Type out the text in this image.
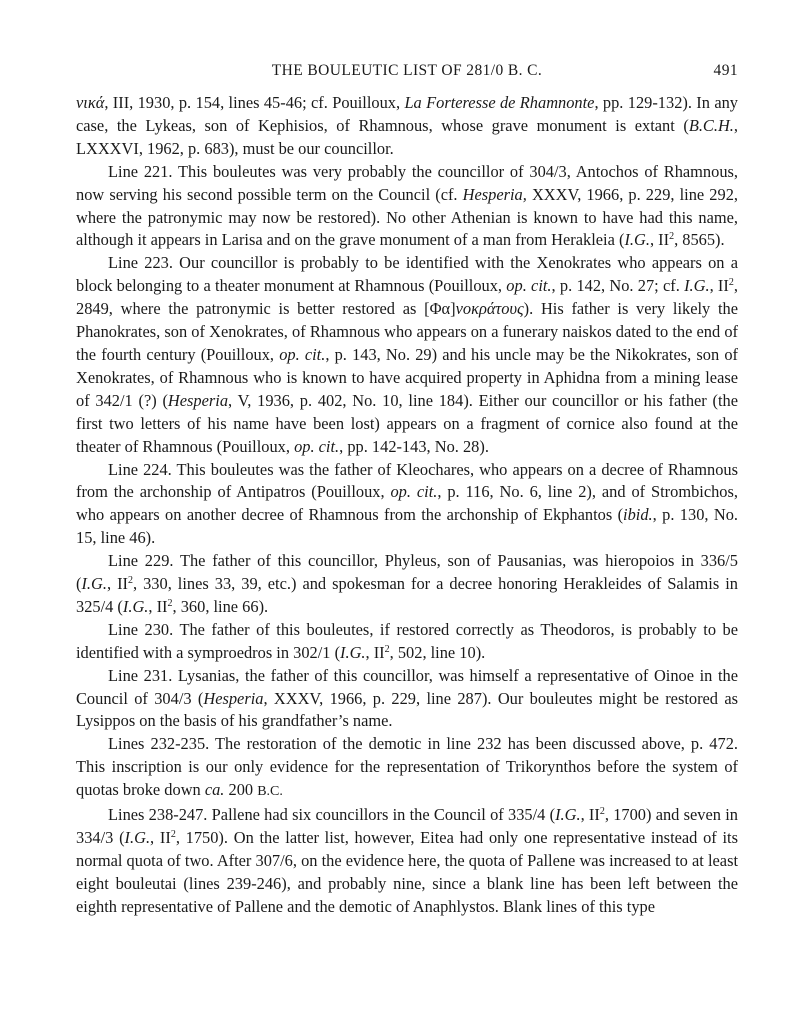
THE BOULEUTIC LIST OF 281/0 B. C.	491

νικά, III, 1930, p. 154, lines 45-46; cf. Pouilloux, La Forteresse de Rhamnonte, pp. 129-132). In any case, the Lykeas, son of Kephisios, of Rhamnous, whose grave monument is extant (B.C.H., LXXXVI, 1962, p. 683), must be our councillor.

Line 221. This bouleutes was very probably the councillor of 304/3, Antochos of Rhamnous, now serving his second possible term on the Council (cf. Hesperia, XXXV, 1966, p. 229, line 292, where the patronymic may now be restored). No other Athenian is known to have had this name, although it appears in Larisa and on the grave monument of a man from Herakleia (I.G., $II^2$, 8565).

Line 223. Our councillor is probably to be identified with the Xenokrates who appears on a block belonging to a theater monument at Rhamnous (Pouilloux, op. cit., p. 142, No. 27; cf. I.G., $II^2$, 2849, where the patronymic is better restored as [Φα]νοκράτους). His father is very likely the Phanokrates, son of Xenokrates, of Rhamnous who appears on a funerary naiskos dated to the end of the fourth century (Pouilloux, op. cit., p. 143, No. 29) and his uncle may be the Nikokrates, son of Xenokrates, of Rhamnous who is known to have acquired property in Aphidna from a mining lease of 342/1 (?) (Hesperia, V, 1936, p. 402, No. 10, line 184). Either our councillor or his father (the first two letters of his name have been lost) appears on a fragment of cornice also found at the theater of Rhamnous (Pouilloux, op. cit., pp. 142-143, No. 28).

Line 224. This bouleutes was the father of Kleochares, who appears on a decree of Rhamnous from the archonship of Antipatros (Pouilloux, op. cit., p. 116, No. 6, line 2), and of Strombichos, who appears on another decree of Rhamnous from the archonship of Ekphantos (ibid., p. 130, No. 15, line 46).

Line 229. The father of this councillor, Phyleus, son of Pausanias, was hieropoios in 336/5 (I.G., $II^2$, 330, lines 33, 39, etc.) and spokesman for a decree honoring Herakleides of Salamis in 325/4 (I.G., $II^2$, 360, line 66).

Line 230. The father of this bouleutes, if restored correctly as Theodoros, is probably to be identified with a symproedros in 302/1 (I.G., $II^2$, 502, line 10).

Line 231. Lysanias, the father of this councillor, was himself a representative of Oinoe in the Council of 304/3 (Hesperia, XXXV, 1966, p. 229, line 287). Our bouleutes might be restored as Lysippos on the basis of his grandfather’s name.

Lines 232-235. The restoration of the demotic in line 232 has been discussed above, p. 472. This inscription is our only evidence for the representation of Trikorynthos before the system of quotas broke down ca. 200 B.C.

Lines 238-247. Pallene had six councillors in the Council of 335/4 (I.G., $II^2$, 1700) and seven in 334/3 (I.G., $II^2$, 1750). On the latter list, however, Eitea had only one representative instead of its normal quota of two. After 307/6, on the evidence here, the quota of Pallene was increased to at least eight bouleutai (lines 239-246), and probably nine, since a blank line has been left between the eighth representative of Pallene and the demotic of Anaphlystos. Blank lines of this type
